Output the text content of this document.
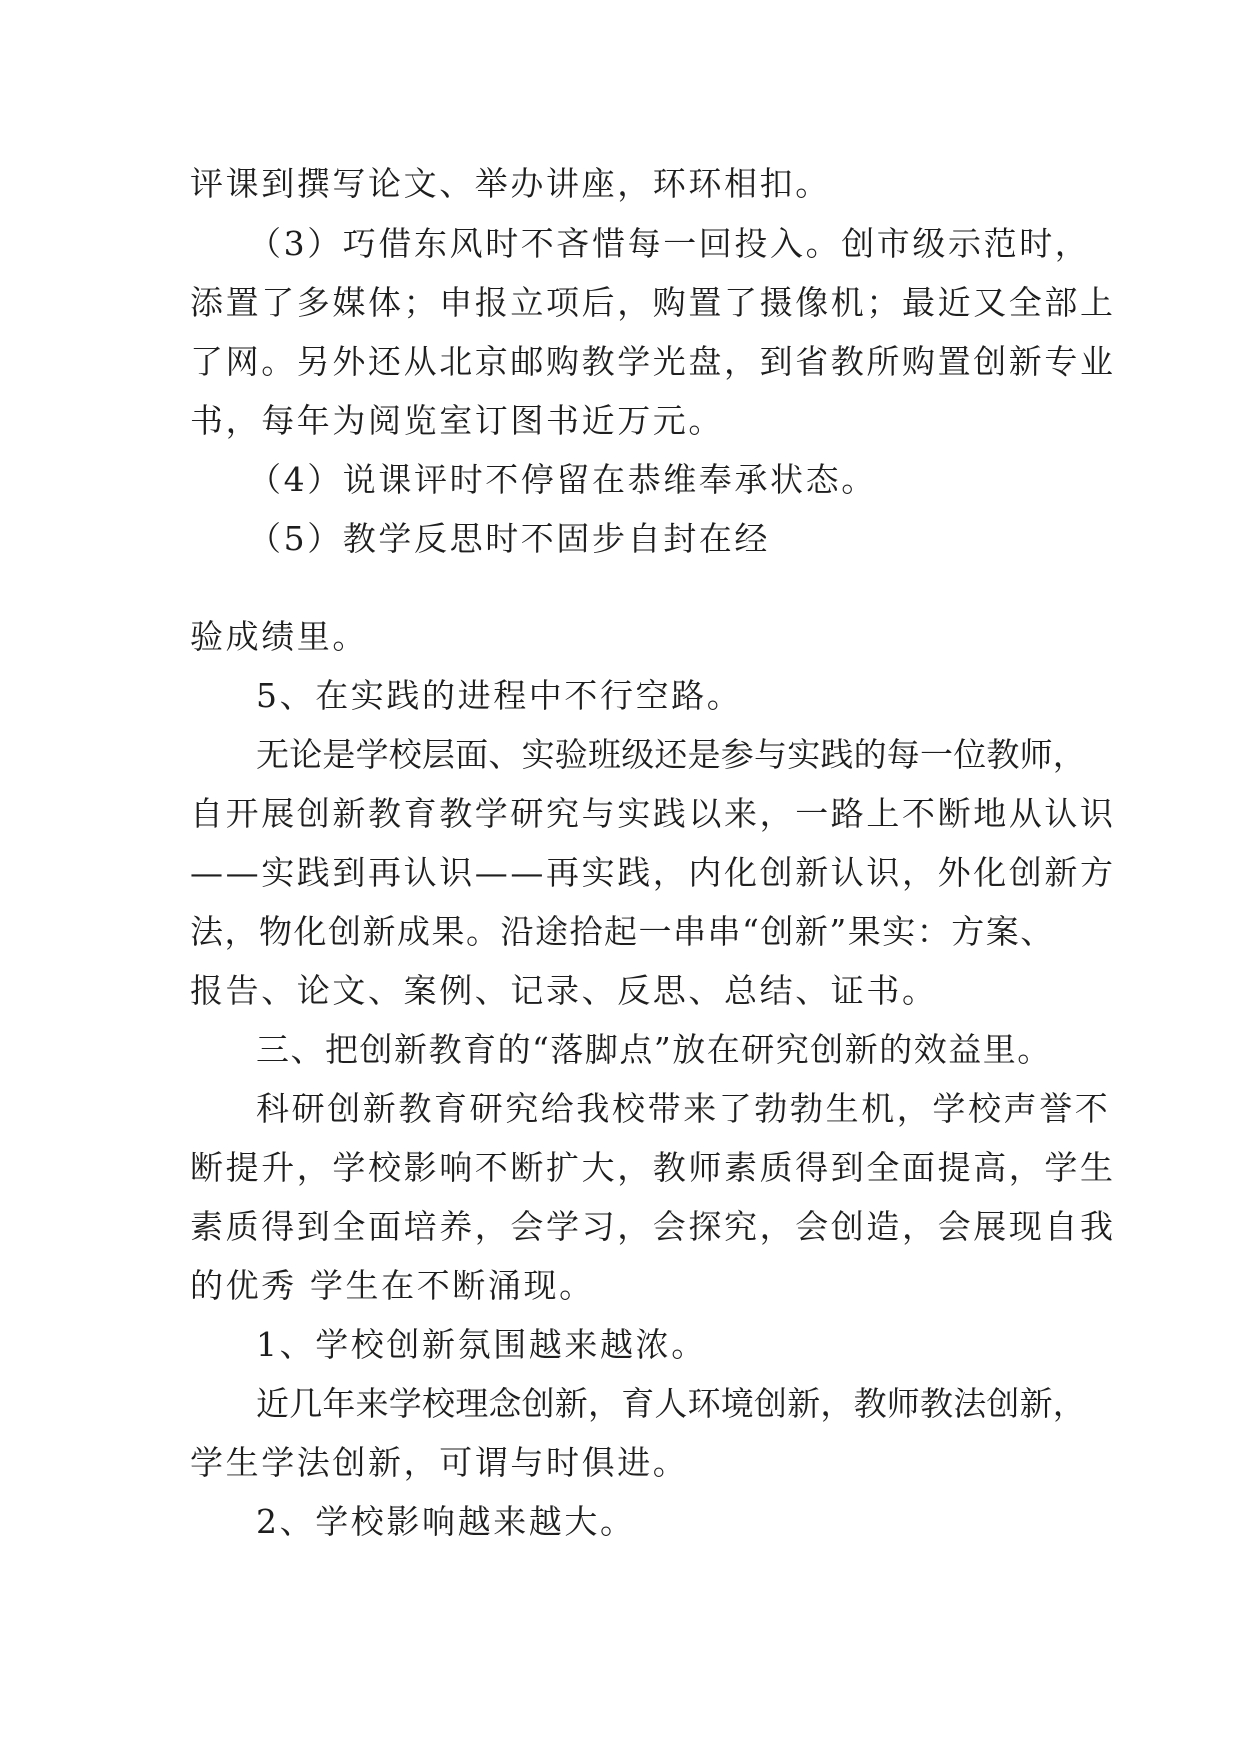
评课到撰写论文、举办讲座，环环相扣。
（3）巧借东风时不吝惜每一回投入。创市级示范时，
添置了多媒体；申报立项后，购置了摄像机；最近又全部上
了网。另外还从北京邮购教学光盘，到省教所购置创新专业
书，每年为阅览室订图书近万元。
（4）说课评时不停留在恭维奉承状态。
（5）教学反思时不固步自封在经
验成绩里。
5、在实践的进程中不行空路。
无论是学校层面、实验班级还是参与实践的每一位教师，
自开展创新教育教学研究与实践以来，一路上不断地从认识
——实践到再认识——再实践，内化创新认识，外化创新方
法，物化创新成果。沿途拾起一串串“创新”果实：方案、
报告、论文、案例、记录、反思、总结、证书。
三、把创新教育的“落脚点”放在研究创新的效益里。
科研创新教育研究给我校带来了勃勃生机，学校声誉不
断提升，学校影响不断扩大，教师素质得到全面提高，学生
素质得到全面培养，会学习，会探究，会创造，会展现自我
的优秀 学生在不断涌现。
1、学校创新氛围越来越浓。
近几年来学校理念创新，育人环境创新，教师教法创新，
学生学法创新，可谓与时俱进。
2、学校影响越来越大。
